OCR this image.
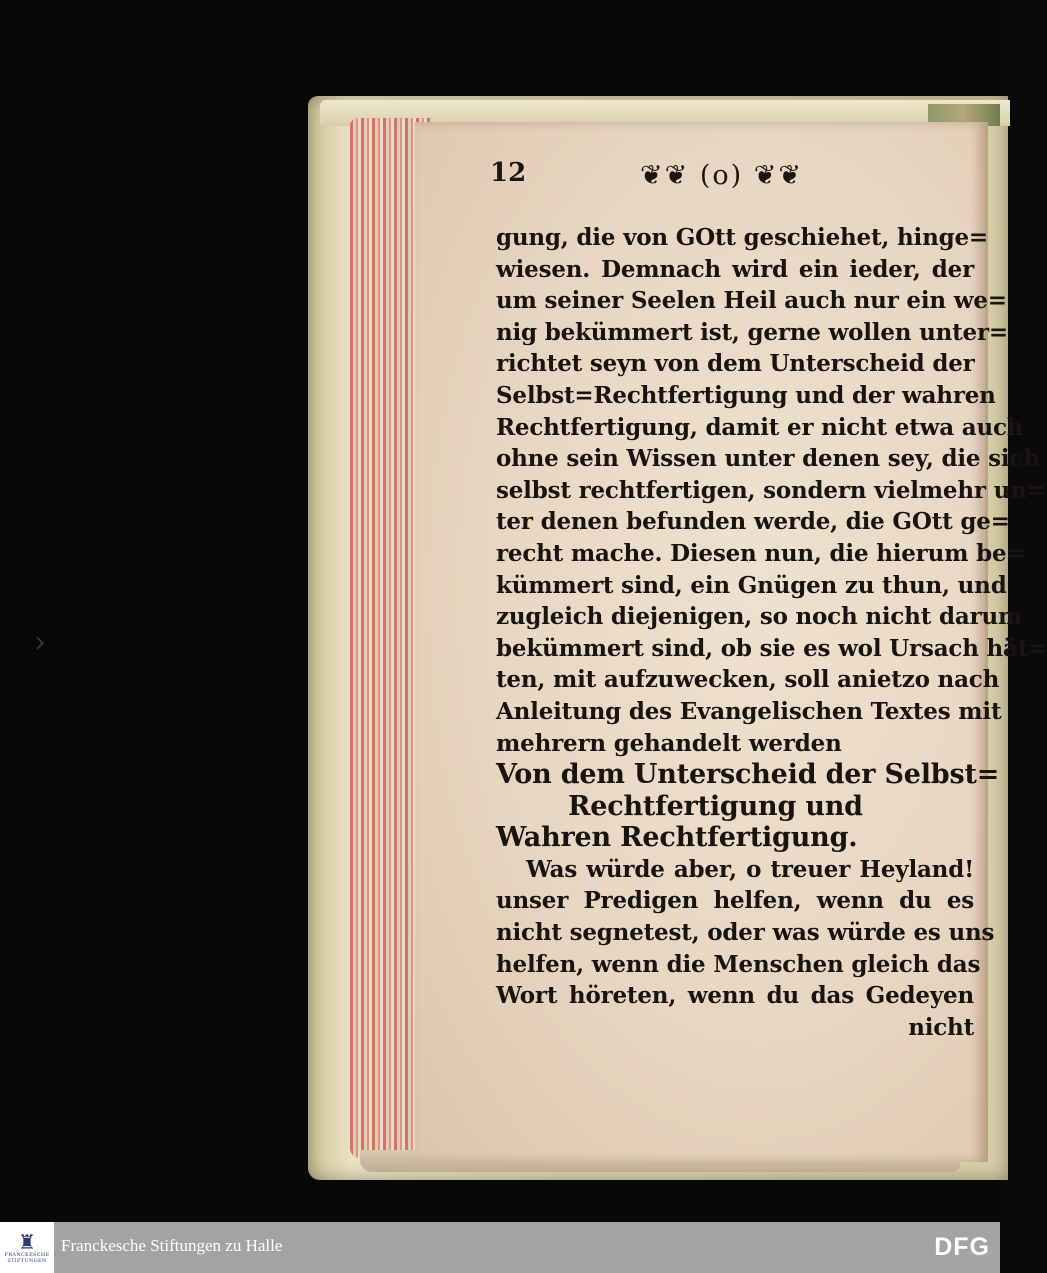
12	❦❦ (o) ❦❦
gung, die von GOtt geschiehet, hinge=
wiesen. Demnach wird ein ieder, der
um seiner Seelen Heil auch nur ein we=
nig bekümmert ist, gerne wollen unter=
richtet seyn von dem Unterscheid der
Selbst=Rechtfertigung und der wahren
Rechtfertigung, damit er nicht etwa auch
ohne sein Wissen unter denen sey, die sich
selbst rechtfertigen, sondern vielmehr un=
ter denen befunden werde, die GOtt ge=
recht mache. Diesen nun, die hierum be=
kümmert sind, ein Gnügen zu thun, und
zugleich diejenigen, so noch nicht darum
bekümmert sind, ob sie es wol Ursach hät=
ten, mit aufzuwecken, soll anietzo nach
Anleitung des Evangelischen Textes mit
mehrern gehandelt werden
Von dem Unterscheid der Selbst=
Rechtfertigung und
Wahren Rechtfertigung.
Was würde aber, o treuer Heyland!
unser Predigen helfen, wenn du es
nicht segnetest, oder was würde es uns
helfen, wenn die Menschen gleich das
Wort höreten, wenn du das Gedeyen
nicht
›
♜
FRANCKESCHE STIFTUNGEN
Franckesche Stiftungen zu Halle	DFG
